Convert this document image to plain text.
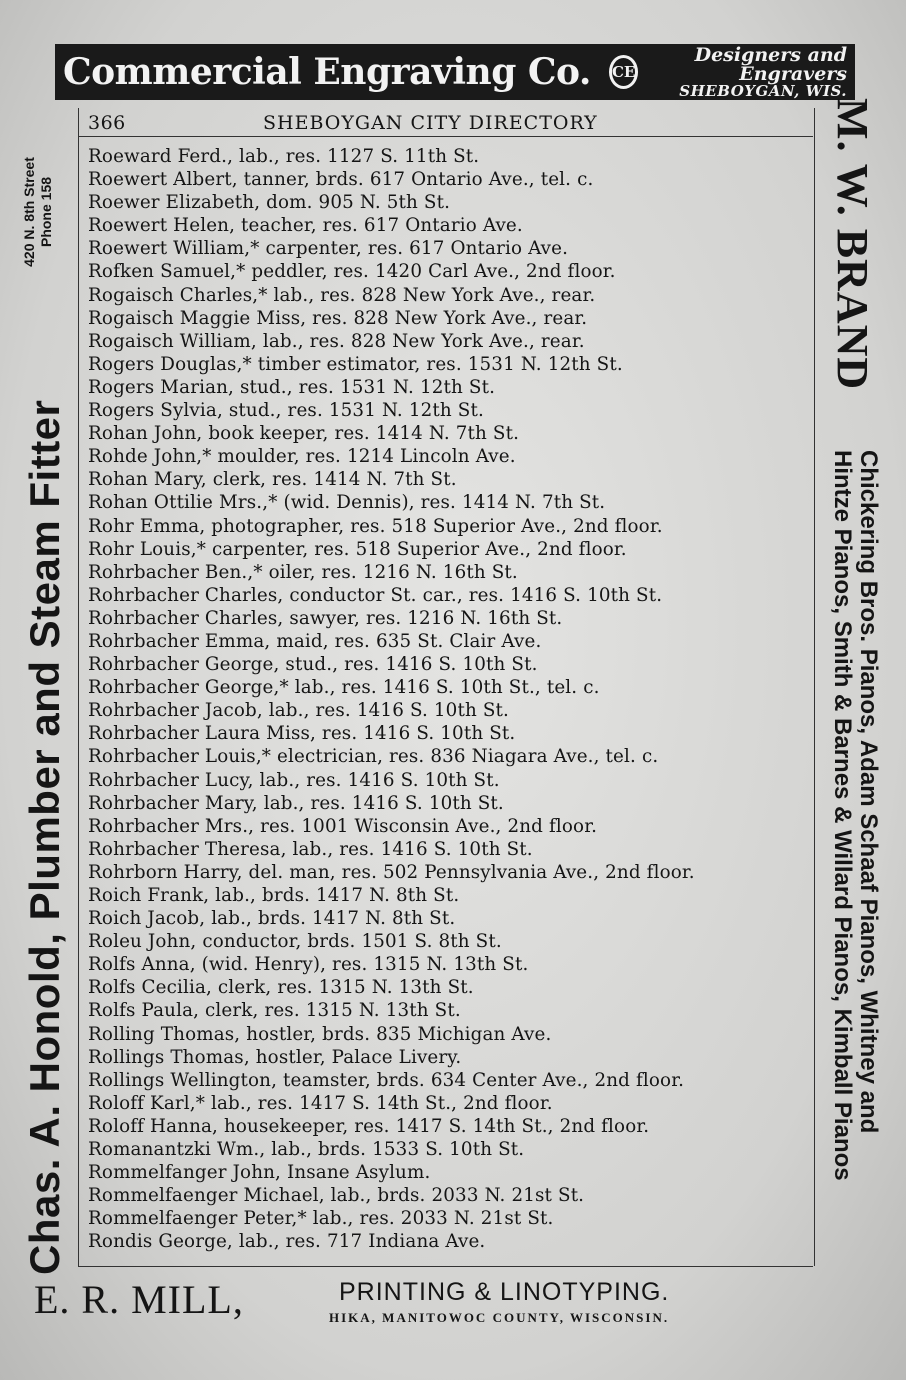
Commercial Engraving Co. CE
Designers and Engravers
SHEBOYGAN, WIS.
366	SHEBOYGAN CITY DIRECTORY
Roeward Ferd., lab., res. 1127 S. 11th St.
Roewert Albert, tanner, brds. 617 Ontario Ave., tel. c.
Roewer Elizabeth, dom. 905 N. 5th St.
Roewert Helen, teacher, res. 617 Ontario Ave.
Roewert William,* carpenter, res. 617 Ontario Ave.
Rofken Samuel,* peddler, res. 1420 Carl Ave., 2nd floor.
Rogaisch Charles,* lab., res. 828 New York Ave., rear.
Rogaisch Maggie Miss, res. 828 New York Ave., rear.
Rogaisch William, lab., res. 828 New York Ave., rear.
Rogers Douglas,* timber estimator, res. 1531 N. 12th St.
Rogers Marian, stud., res. 1531 N. 12th St.
Rogers Sylvia, stud., res. 1531 N. 12th St.
Rohan John, book keeper, res. 1414 N. 7th St.
Rohde John,* moulder, res. 1214 Lincoln Ave.
Rohan Mary, clerk, res. 1414 N. 7th St.
Rohan Ottilie Mrs.,* (wid. Dennis), res. 1414 N. 7th St.
Rohr Emma, photographer, res. 518 Superior Ave., 2nd floor.
Rohr Louis,* carpenter, res. 518 Superior Ave., 2nd floor.
Rohrbacher Ben.,* oiler, res. 1216 N. 16th St.
Rohrbacher Charles, conductor St. car., res. 1416 S. 10th St.
Rohrbacher Charles, sawyer, res. 1216 N. 16th St.
Rohrbacher Emma, maid, res. 635 St. Clair Ave.
Rohrbacher George, stud., res. 1416 S. 10th St.
Rohrbacher George,* lab., res. 1416 S. 10th St., tel. c.
Rohrbacher Jacob, lab., res. 1416 S. 10th St.
Rohrbacher Laura Miss, res. 1416 S. 10th St.
Rohrbacher Louis,* electrician, res. 836 Niagara Ave., tel. c.
Rohrbacher Lucy, lab., res. 1416 S. 10th St.
Rohrbacher Mary, lab., res. 1416 S. 10th St.
Rohrbacher Mrs., res. 1001 Wisconsin Ave., 2nd floor.
Rohrbacher Theresa, lab., res. 1416 S. 10th St.
Rohrborn Harry, del. man, res. 502 Pennsylvania Ave., 2nd floor.
Roich Frank, lab., brds. 1417 N. 8th St.
Roich Jacob, lab., brds. 1417 N. 8th St.
Roleu John, conductor, brds. 1501 S. 8th St.
Rolfs Anna, (wid. Henry), res. 1315 N. 13th St.
Rolfs Cecilia, clerk, res. 1315 N. 13th St.
Rolfs Paula, clerk, res. 1315 N. 13th St.
Rolling Thomas, hostler, brds. 835 Michigan Ave.
Rollings Thomas, hostler, Palace Livery.
Rollings Wellington, teamster, brds. 634 Center Ave., 2nd floor.
Roloff Karl,* lab., res. 1417 S. 14th St., 2nd floor.
Roloff Hanna, housekeeper, res. 1417 S. 14th St., 2nd floor.
Romanantzki Wm., lab., brds. 1533 S. 10th St.
Rommelfanger John, Insane Asylum.
Rommelfaenger Michael, lab., brds. 2033 N. 21st St.
Rommelfaenger Peter,* lab., res. 2033 N. 21st St.
Rondis George, lab., res. 717 Indiana Ave.
Chas. A. Honold, Plumber and Steam Fitter
420 N. 8th Street Phone 158	M. W. BRAND
Chickering Bros. Pianos, Adam Schaaf Pianos, Whitney and
Hintze Pianos, Smith & Barnes & Willard Pianos, Kimball Pianos
E. R. MILL,	PRINTING & LINOTYPING.
HIKA, MANITOWOC COUNTY, WISCONSIN.
